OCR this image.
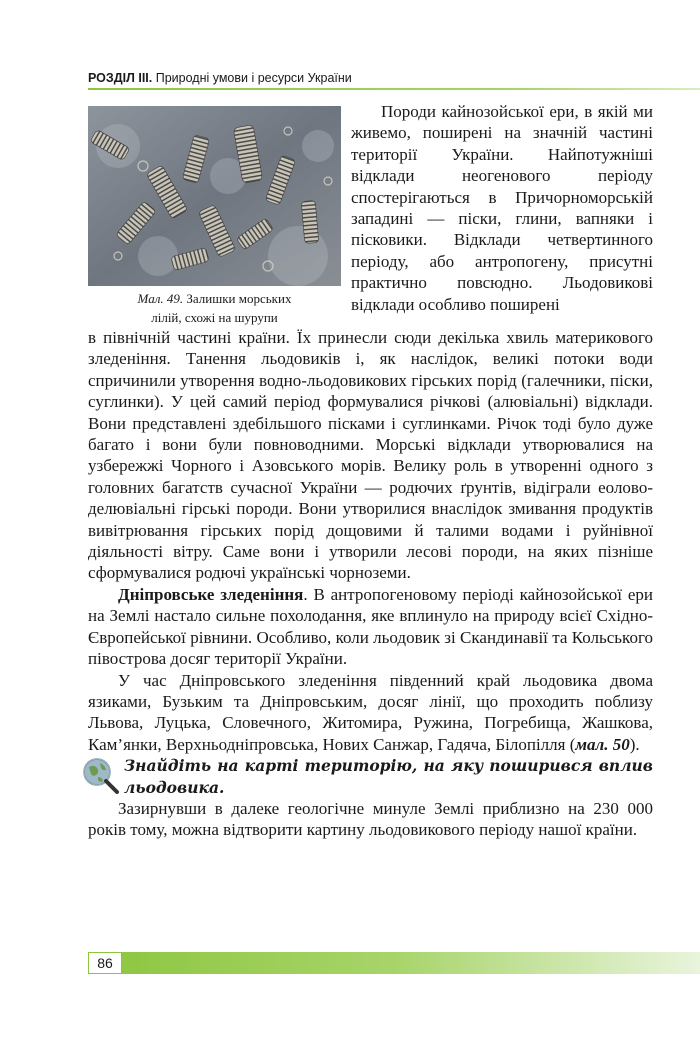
РОЗДІЛ III. Природні умови і ресурси України
Мал. 49. Залишки морських
лілій, схожі на шурупи

Породи кайнозойської ери, в якій ми живемо, поширені на значній частині території України. Найпотужніші відклади неогенового періоду спостерігаються в Причорноморській западині — піски, глини, вапняки і пісковики. Відклади четвертинного періоду, або антропогену, присутні практично повсюдно. Льодовикові відклади особливо поширені

в північній частині країни. Їх принесли сюди декілька хвиль материкового зледеніння. Танення льодовиків і, як наслідок, великі потоки води спричинили утворення водно-льодовикових гірських порід (галечники, піски, суглинки). У цей самий період формувалися річкові (алювіальні) відклади. Вони представлені здебільшого пісками і суглинками. Річок тоді було дуже багато і вони були повноводними. Морські відклади утворювалися на узбережжі Чорного і Азовського морів. Велику роль в утворенні одного з головних багатств сучасної України — родючих ґрунтів, відіграли еолово-делювіальні гірські породи. Вони утворилися внаслідок змивання продуктів вивітрювання гірських порід дощовими й талими водами і руйнівної діяльності вітру. Саме вони і утворили лесові породи, на яких пізніше сформувалися родючі українські чорноземи.

Дніпровське зледеніння. В антропогеновому періоді кайнозойської ери на Землі настало сильне похолодання, яке вплинуло на природу всієї Східно-Європейської рівнини. Особливо, коли льодовик зі Скандинавії та Кольського півострова досяг території України.

У час Дніпровського зледеніння південний край льодовика двома язиками, Бузьким та Дніпровським, досяг лінії, що проходить поблизу Львова, Луцька, Словечного, Житомира, Ружина, Погребища, Жашкова, Кам’янки, Верхньодніпровська, Нових Санжар, Гадяча, Білопілля (мал. 50).

Знайдіть на карті територію, на яку поширився вплив льодовика.

Зазирнувши в далеке геологічне минуле Землі приблизно на 230 000 років тому, можна відтворити картину льодовикового періоду нашої країни.

86
